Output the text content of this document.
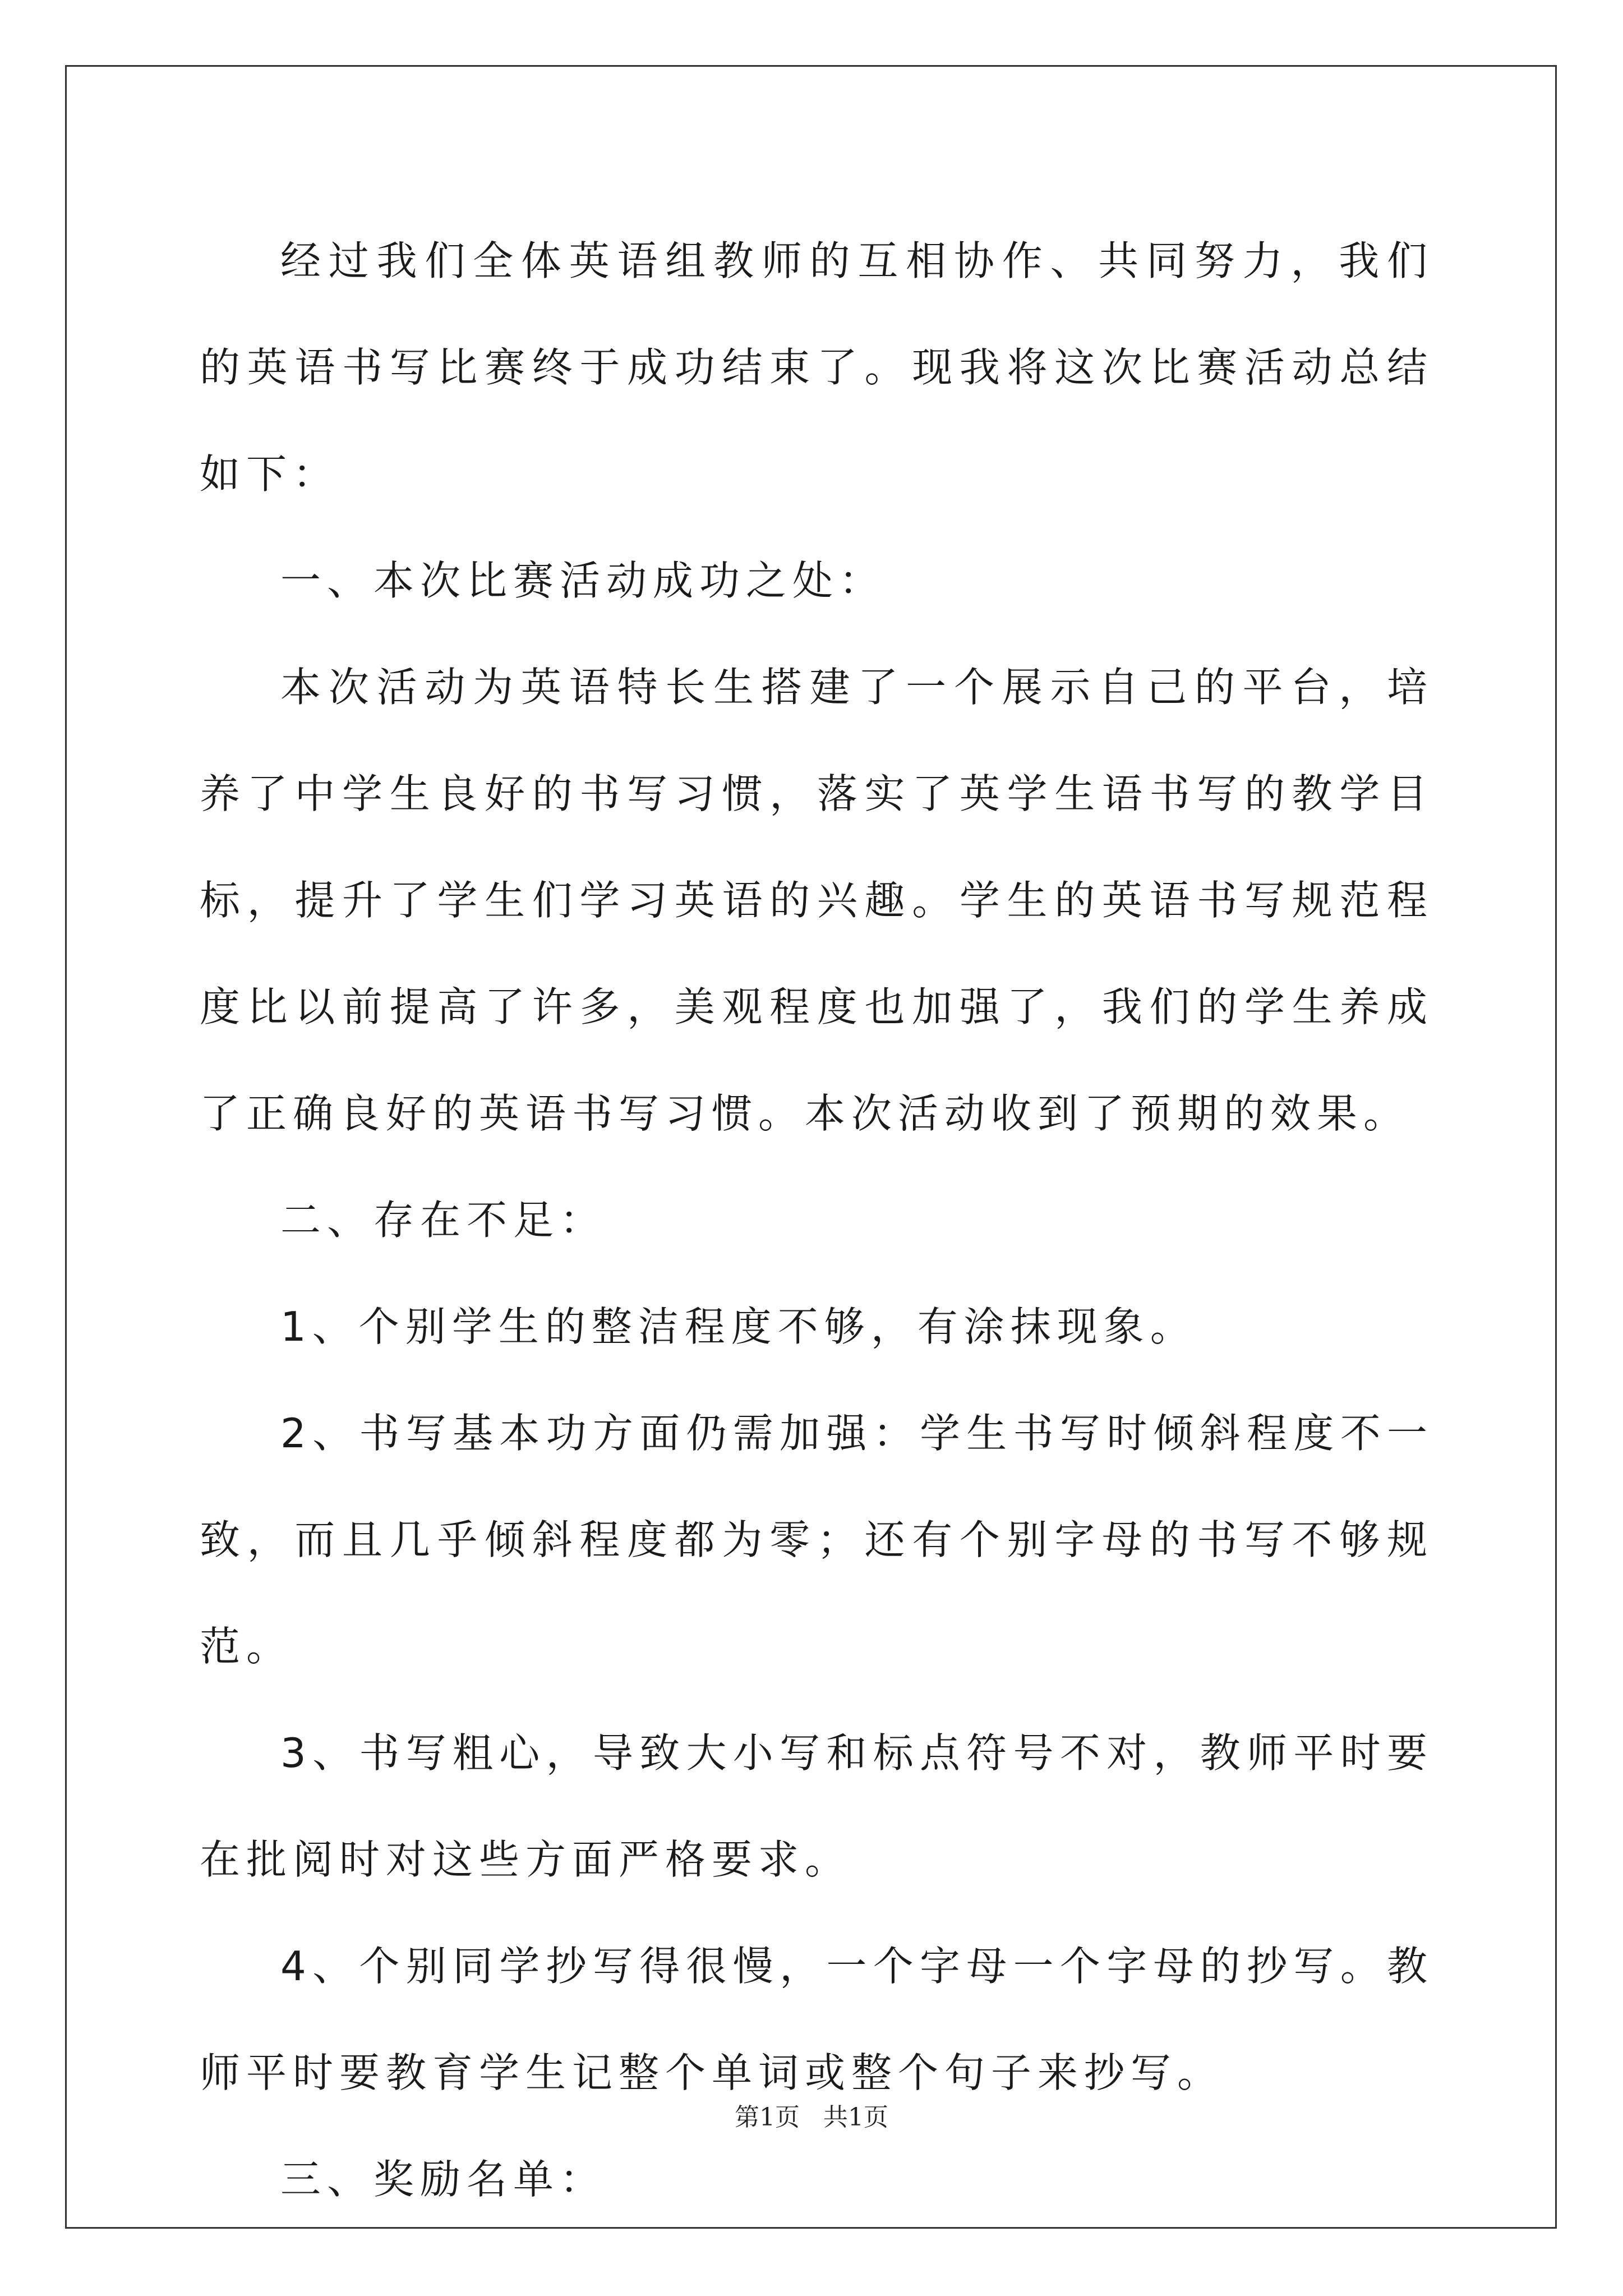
经过我们全体英语组教师的互相协作、共同努力，我们的英语书写比赛终于成功结束了。现我将这次比赛活动总结如下：

一、本次比赛活动成功之处：

本次活动为英语特长生搭建了一个展示自己的平台，培养了中学生良好的书写习惯，落实了英学生语书写的教学目标，提升了学生们学习英语的兴趣。学生的英语书写规范程度比以前提高了许多，美观程度也加强了，我们的学生养成了正确良好的英语书写习惯。本次活动收到了预期的效果。

二、存在不足：

1、个别学生的整洁程度不够，有涂抹现象。

2、书写基本功方面仍需加强：学生书写时倾斜程度不一致，而且几乎倾斜程度都为零；还有个别字母的书写不够规范。

3、书写粗心，导致大小写和标点符号不对，教师平时要在批阅时对这些方面严格要求。

4、个别同学抄写得很慢，一个字母一个字母的抄写。教师平时要教育学生记整个单词或整个句子来抄写。

三、奖励名单：

第1页   共1页
